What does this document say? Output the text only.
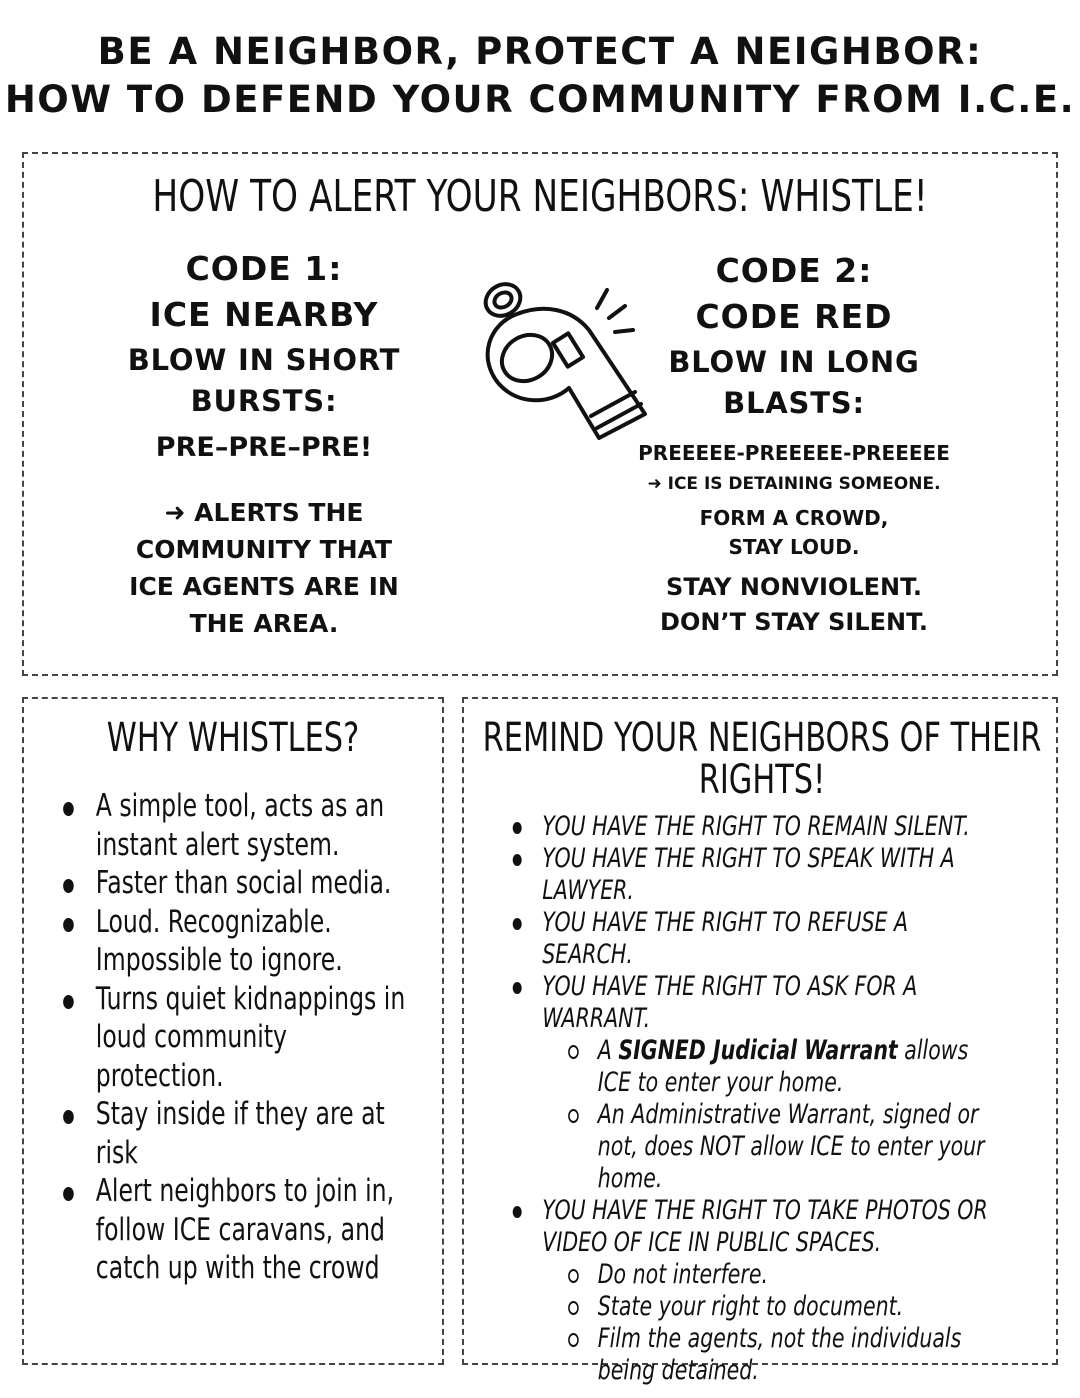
BE A NEIGHBOR, PROTECT A NEIGHBOR:
HOW TO DEFEND YOUR COMMUNITY FROM I.C.E.
HOW TO ALERT YOUR NEIGHBORS: WHISTLE!
CODE 1:
ICE NEARBY
BLOW IN SHORT
BURSTS:
PRE–PRE–PRE!
➜ ALERTS THE
COMMUNITY THAT
ICE AGENTS ARE IN
THE AREA.
CODE 2:
CODE RED
BLOW IN LONG
BLASTS:
PREEEEE-PREEEEE-PREEEEE
➜ ICE IS DETAINING SOMEONE.
FORM A CROWD,
STAY LOUD.
STAY NONVIOLENT.
DON’T STAY SILENT.
WHY WHISTLES?
A simple tool, acts as an instant alert system.
Faster than social media.
Loud. Recognizable. Impossible to ignore.
Turns quiet kidnappings in loud community protection.
Stay inside if they are at risk
Alert neighbors to join in, follow ICE caravans, and catch up with the crowd
REMIND YOUR NEIGHBORS OF THEIR RIGHTS!
YOU HAVE THE RIGHT TO REMAIN SILENT.
YOU HAVE THE RIGHT TO SPEAK WITH A LAWYER.
YOU HAVE THE RIGHT TO REFUSE A SEARCH.
YOU HAVE THE RIGHT TO ASK FOR A WARRANT.
A SIGNED Judicial Warrant allows ICE to enter your home.
An Administrative Warrant, signed or not, does NOT allow ICE to enter your home.
YOU HAVE THE RIGHT TO TAKE PHOTOS OR VIDEO OF ICE IN PUBLIC SPACES.
Do not interfere.
State your right to document.
Film the agents, not the individuals being detained.
